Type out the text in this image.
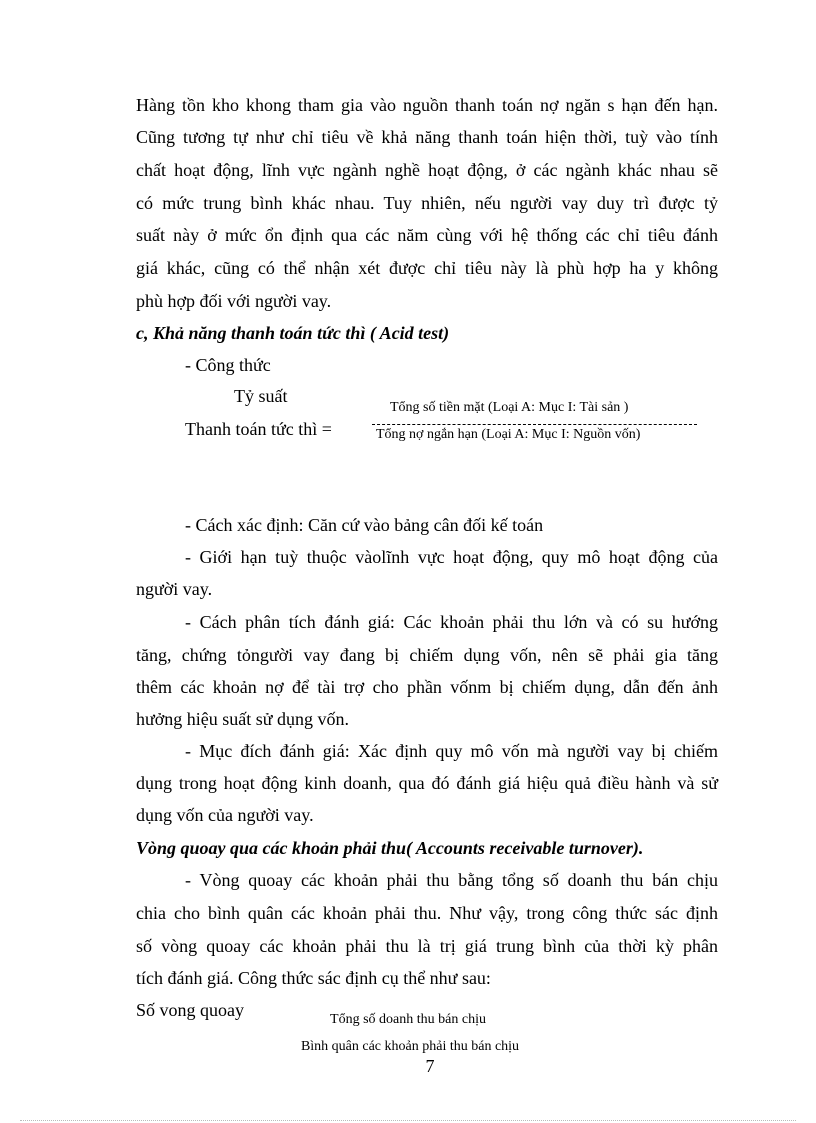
Hàng tồn kho khong tham gia vào nguồn thanh toán nợ ngăn s hạn đến hạn.
Cũng tương tự như chỉ tiêu về khả năng thanh toán hiện thời, tuỳ vào tính
chất hoạt động, lĩnh vực ngành nghề hoạt động, ở các ngành khác nhau sẽ
có mức trung bình khác nhau. Tuy nhiên, nếu người vay duy trì được tỷ
suất này ở mức ổn định qua các năm cùng với hệ thống các chỉ tiêu đánh
giá khác, cũng có thể nhận xét được chỉ tiêu này là phù hợp ha y không
phù hợp đối với người vay.
c, Khả năng thanh toán tức thì ( Acid test)
- Công thức
Tỷ suất
Thanh toán tức thì =
Tổng số tiền mặt (Loại A: Mục I: Tài sản )
Tổng nợ ngắn hạn (Loại A: Mục I: Nguồn vốn)
- Cách xác định: Căn cứ vào bảng cân đối kế toán
- Giới hạn tuỳ thuộc vàolĩnh vực hoạt động, quy mô hoạt động của
người vay.
- Cách phân tích đánh giá: Các khoản phải thu lớn và có su hướng
tăng, chứng tỏngười vay đang bị chiếm dụng vốn, nên sẽ phải gia tăng
thêm các khoản nợ để tài trợ cho phần vốnm bị chiếm dụng, dẫn đến ảnh
hưởng hiệu suất sử dụng vốn.
- Mục đích đánh giá: Xác định quy mô vốn mà người vay bị chiếm
dụng trong hoạt động kinh doanh, qua đó đánh giá hiệu quả điều hành và sử
dụng vốn của người vay.
Vòng quoay qua các khoản phải thu( Accounts receivable turnover).
- Vòng quoay các khoản phải thu bằng tổng số doanh thu bán chịu
chia cho bình quân các khoản phải thu. Như vậy, trong công thức sác định
số vòng quoay các khoản phải thu là trị giá trung bình của thời kỳ phân
tích đánh giá. Công thức sác định cụ thể như sau:
Số vong quoay	Tổng số doanh thu bán chịu
Bình quân các khoản phải thu bán chịu
7
